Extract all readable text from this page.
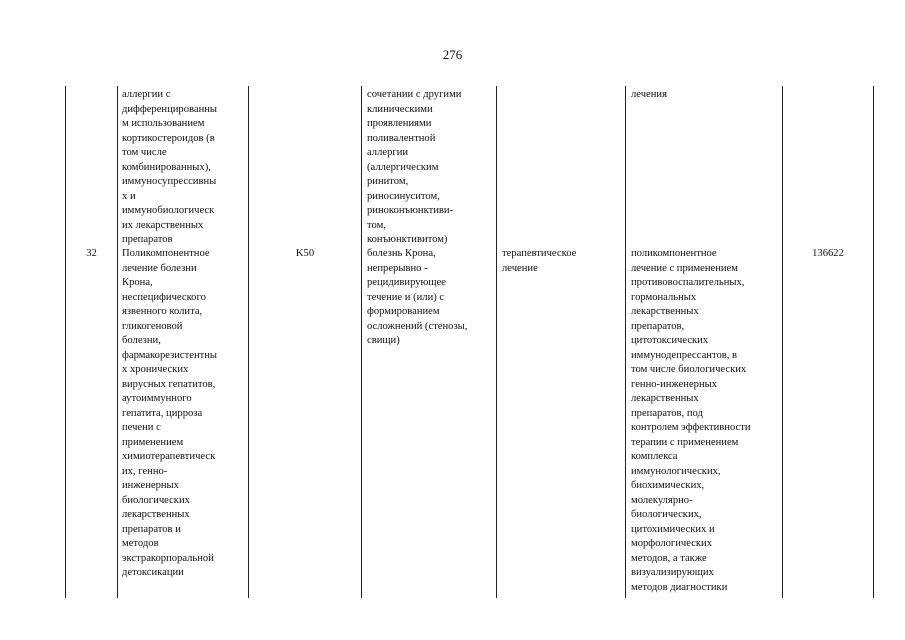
276
32
аллергии с
дифференцированны
м использованием
кортикостероидов (в
том числе
комбинированных),
иммуносупрессивны
х и
иммунобиологическ
их лекарственных
препаратов
Поликомпонентное
лечение болезни
Крона,
неспецифического
язвенного колита,
гликогеновой
болезни,
фармакорезистентны
х хронических
вирусных гепатитов,
аутоиммунного
гепатита, цирроза
печени с
применением
химиотерапевтическ
их, генно-
инженерных
биологических
лекарственных
препаратов и
методов
экстракорпоральной
детоксикации
K50
сочетании с другими
клиническими
проявлениями
поливалентной
аллергии
(аллергическим
ринитом,
риносинуситом,
риноконъюнктиви-
том,
конъюнктивитом)
болезнь Крона,
непрерывно -
рецидивирующее
течение и (или) с
формированием
осложнений (стенозы,
свищи)
терапевтическое
лечение
лечения
поликомпонентное
лечение с применением
противовоспалительных,
гормональных
лекарственных
препаратов,
цитотоксических
иммунодепрессантов, в
том числе биологических
генно-инженерных
лекарственных
препаратов, под
контролем эффективности
терапии с применением
комплекса
иммунологических,
биохимических,
молекулярно-
биологических,
цитохимических и
морфологических
методов, а также
визуализирующих
методов диагностики
136622
